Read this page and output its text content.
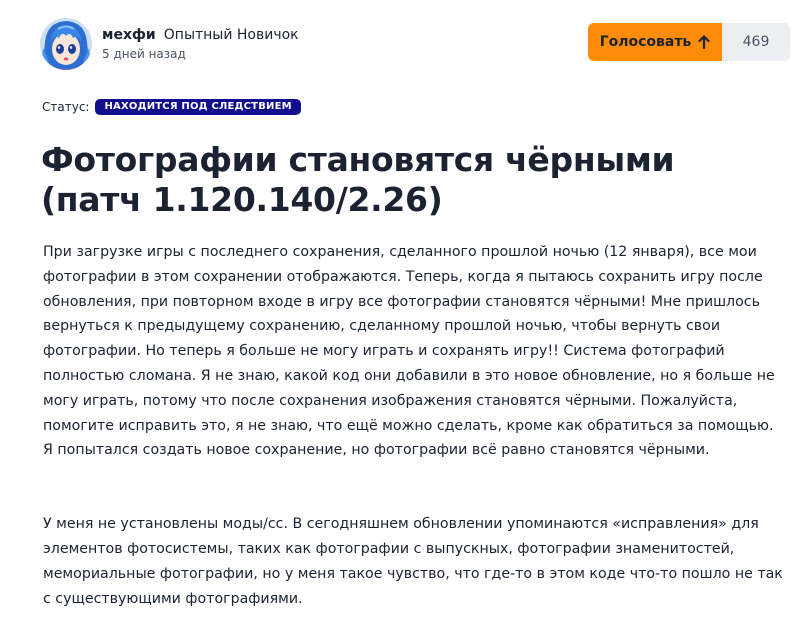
мехфи Опытный Новичок
5 дней назад
Голосовать	469
Статус:	НАХОДИТСЯ ПОД СЛЕДСТВИЕМ
Фотографии становятся чёрными (патч 1.120.140/2.26)

При загрузке игры с последнего сохранения, сделанного прошлой ночью (12 января), все мои фотографии в этом сохранении отображаются. Теперь, когда я пытаюсь сохранить игру после обновления, при повторном входе в игру все фотографии становятся чёрными! Мне пришлось вернуться к предыдущему сохранению, сделанному прошлой ночью, чтобы вернуть свои фотографии. Но теперь я больше не могу играть и сохранять игру!! Система фотографий полностью сломана. Я не знаю, какой код они добавили в это новое обновление, но я больше не могу играть, потому что после сохранения изображения становятся чёрными. Пожалуйста, помогите исправить это, я не знаю, что ещё можно сделать, кроме как обратиться за помощью. Я попытался создать новое сохранение, но фотографии всё равно становятся чёрными.

У меня не установлены моды/сс. В сегодняшнем обновлении упоминаются «исправления» для элементов фотосистемы, таких как фотографии с выпускных, фотографии знаменитостей, мемориальные фотографии, но у меня такое чувство, что где-то в этом коде что-то пошло не так с существующими фотографиями.
